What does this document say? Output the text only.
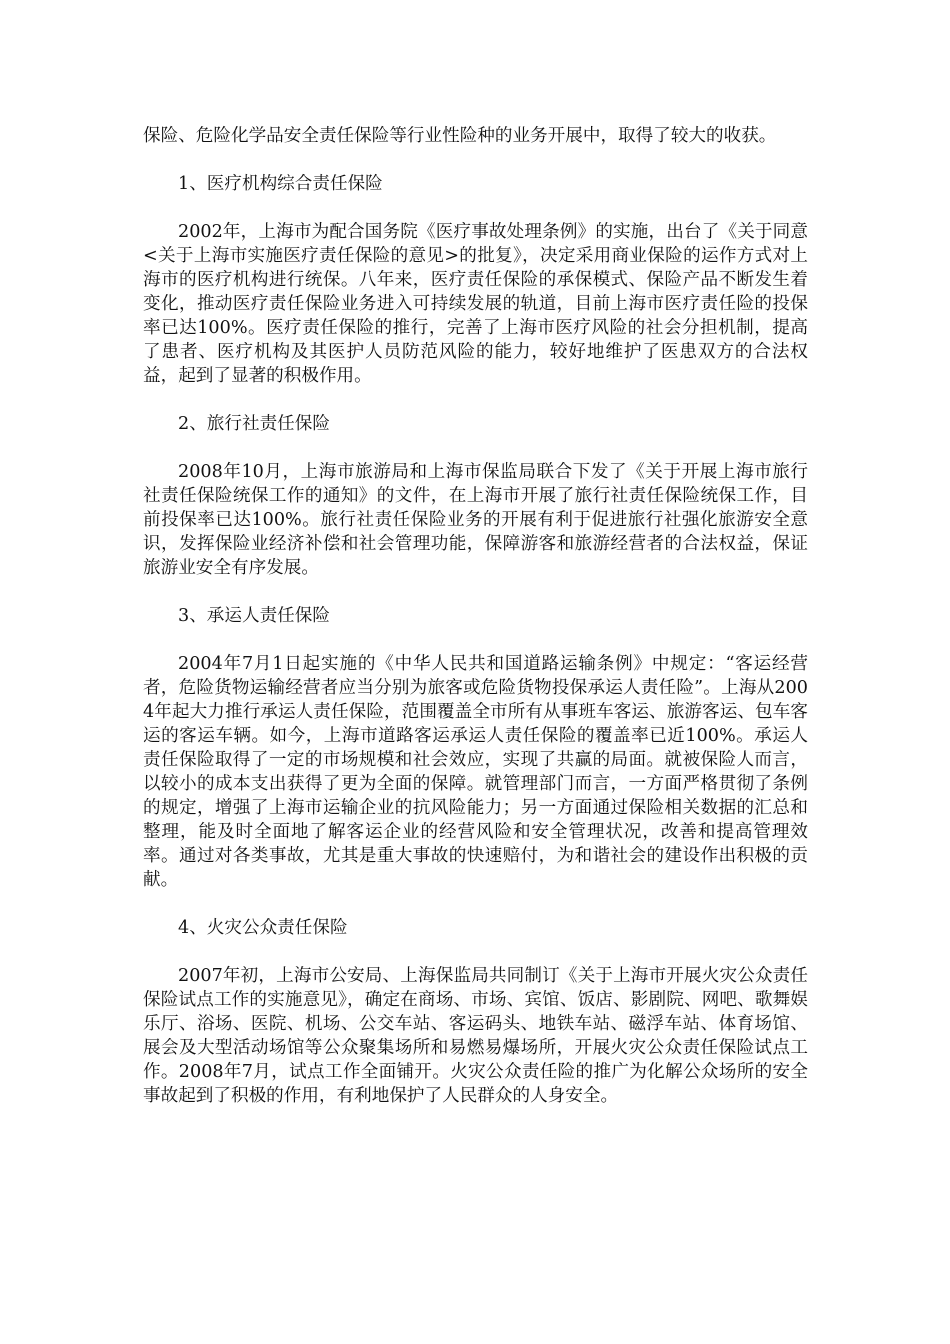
保险、危险化学品安全责任保险等行业性险种的业务开展中，取得了较大的收获。

1、医疗机构综合责任保险

2002年，上海市为配合国务院《医疗事故处理条例》的实施，出台了《关于同意<关于上海市实施医疗责任保险的意见>的批复》，决定采用商业保险的运作方式对上海市的医疗机构进行统保。八年来，医疗责任保险的承保模式、保险产品不断发生着变化，推动医疗责任保险业务进入可持续发展的轨道，目前上海市医疗责任险的投保率已达100%。医疗责任保险的推行，完善了上海市医疗风险的社会分担机制，提高了患者、医疗机构及其医护人员防范风险的能力，较好地维护了医患双方的合法权益，起到了显著的积极作用。

2、旅行社责任保险

2008年10月，上海市旅游局和上海市保监局联合下发了《关于开展上海市旅行社责任保险统保工作的通知》的文件，在上海市开展了旅行社责任保险统保工作，目前投保率已达100%。旅行社责任保险业务的开展有利于促进旅行社强化旅游安全意识，发挥保险业经济补偿和社会管理功能，保障游客和旅游经营者的合法权益，保证旅游业安全有序发展。

3、承运人责任保险

2004年7月1日起实施的《中华人民共和国道路运输条例》中规定：“客运经营者，危险货物运输经营者应当分别为旅客或危险货物投保承运人责任险”。上海从2004年起大力推行承运人责任保险，范围覆盖全市所有从事班车客运、旅游客运、包车客运的客运车辆。如今，上海市道路客运承运人责任保险的覆盖率已近100%。承运人责任保险取得了一定的市场规模和社会效应，实现了共赢的局面。就被保险人而言，以较小的成本支出获得了更为全面的保障。就管理部门而言，一方面严格贯彻了条例的规定，增强了上海市运输企业的抗风险能力；另一方面通过保险相关数据的汇总和整理，能及时全面地了解客运企业的经营风险和安全管理状况，改善和提高管理效率。通过对各类事故，尤其是重大事故的快速赔付，为和谐社会的建设作出积极的贡献。

4、火灾公众责任保险

2007年初，上海市公安局、上海保监局共同制订《关于上海市开展火灾公众责任保险试点工作的实施意见》，确定在商场、市场、宾馆、饭店、影剧院、网吧、歌舞娱乐厅、浴场、医院、机场、公交车站、客运码头、地铁车站、磁浮车站、体育场馆、展会及大型活动场馆等公众聚集场所和易燃易爆场所，开展火灾公众责任保险试点工作。2008年7月，试点工作全面铺开。火灾公众责任险的推广为化解公众场所的安全事故起到了积极的作用，有利地保护了人民群众的人身安全。
